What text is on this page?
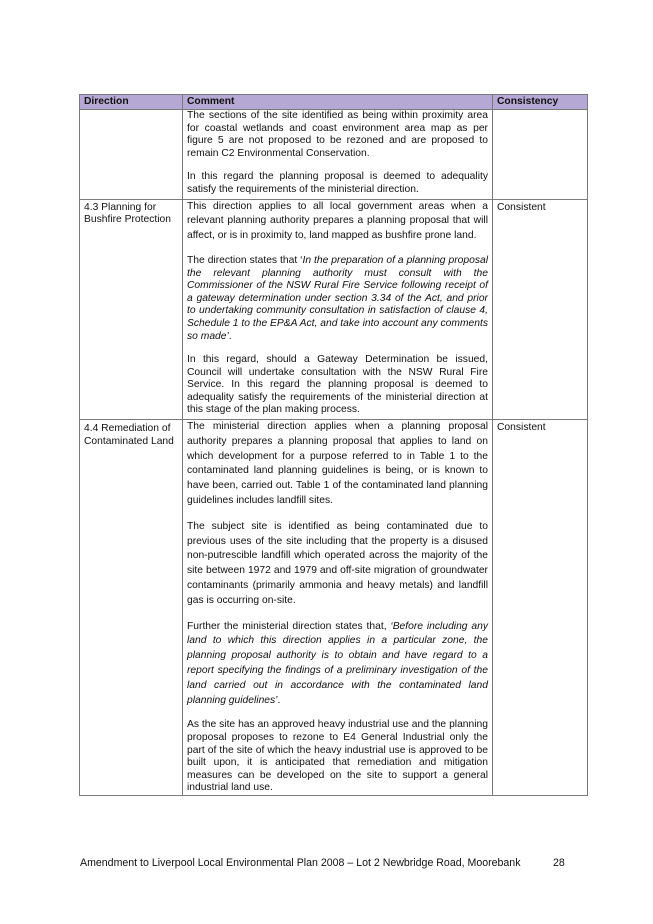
Direction	Comment	Consistency

	The sections of the site identified as being within proximity area for coastal wetlands and coast environment area map as per figure 5 are not proposed to be rezoned and are proposed to remain C2 Environmental Conservation.

In this regard the planning proposal is deemed to adequality satisfy the requirements of the ministerial direction.	

4.3 Planning for Bushfire Protection	This direction applies to all local government areas when a relevant planning authority prepares a planning proposal that will affect, or is in proximity to, land mapped as bushfire prone land.

The direction states that ‘In the preparation of a planning proposal the relevant planning authority must consult with the Commissioner of the NSW Rural Fire Service following receipt of a gateway determination under section 3.34 of the Act, and prior to undertaking community consultation in satisfaction of clause 4, Schedule 1 to the EP&A Act, and take into account any comments so made’.

In this regard, should a Gateway Determination be issued, Council will undertake consultation with the NSW Rural Fire Service. In this regard the planning proposal is deemed to adequality satisfy the requirements of the ministerial direction at this stage of the plan making process.	Consistent
4.4 Remediation of Contaminated Land	The ministerial direction applies when a planning proposal authority prepares a planning proposal that applies to land on which development for a purpose referred to in Table 1 to the contaminated land planning guidelines is being, or is known to have been, carried out. Table 1 of the contaminated land planning guidelines includes landfill sites.

The subject site is identified as being contaminated due to previous uses of the site including that the property is a disused non-putrescible landfill which operated across the majority of the site between 1972 and 1979 and off-site migration of groundwater contaminants (primarily ammonia and heavy metals) and landfill gas is occurring on-site.

Further the ministerial direction states that, ‘Before including any land to which this direction applies in a particular zone, the planning proposal authority is to obtain and have regard to a report specifying the findings of a preliminary investigation of the land carried out in accordance with the contaminated land planning guidelines’.

As the site has an approved heavy industrial use and the planning proposal proposes to rezone to E4 General Industrial only the part of the site of which the heavy industrial use is approved to be built upon, it is anticipated that remediation and mitigation measures can be developed on the site to support a general industrial land use.	Consistent
Amendment to Liverpool Local Environmental Plan 2008 – Lot 2 Newbridge Road, Moorebank	28
